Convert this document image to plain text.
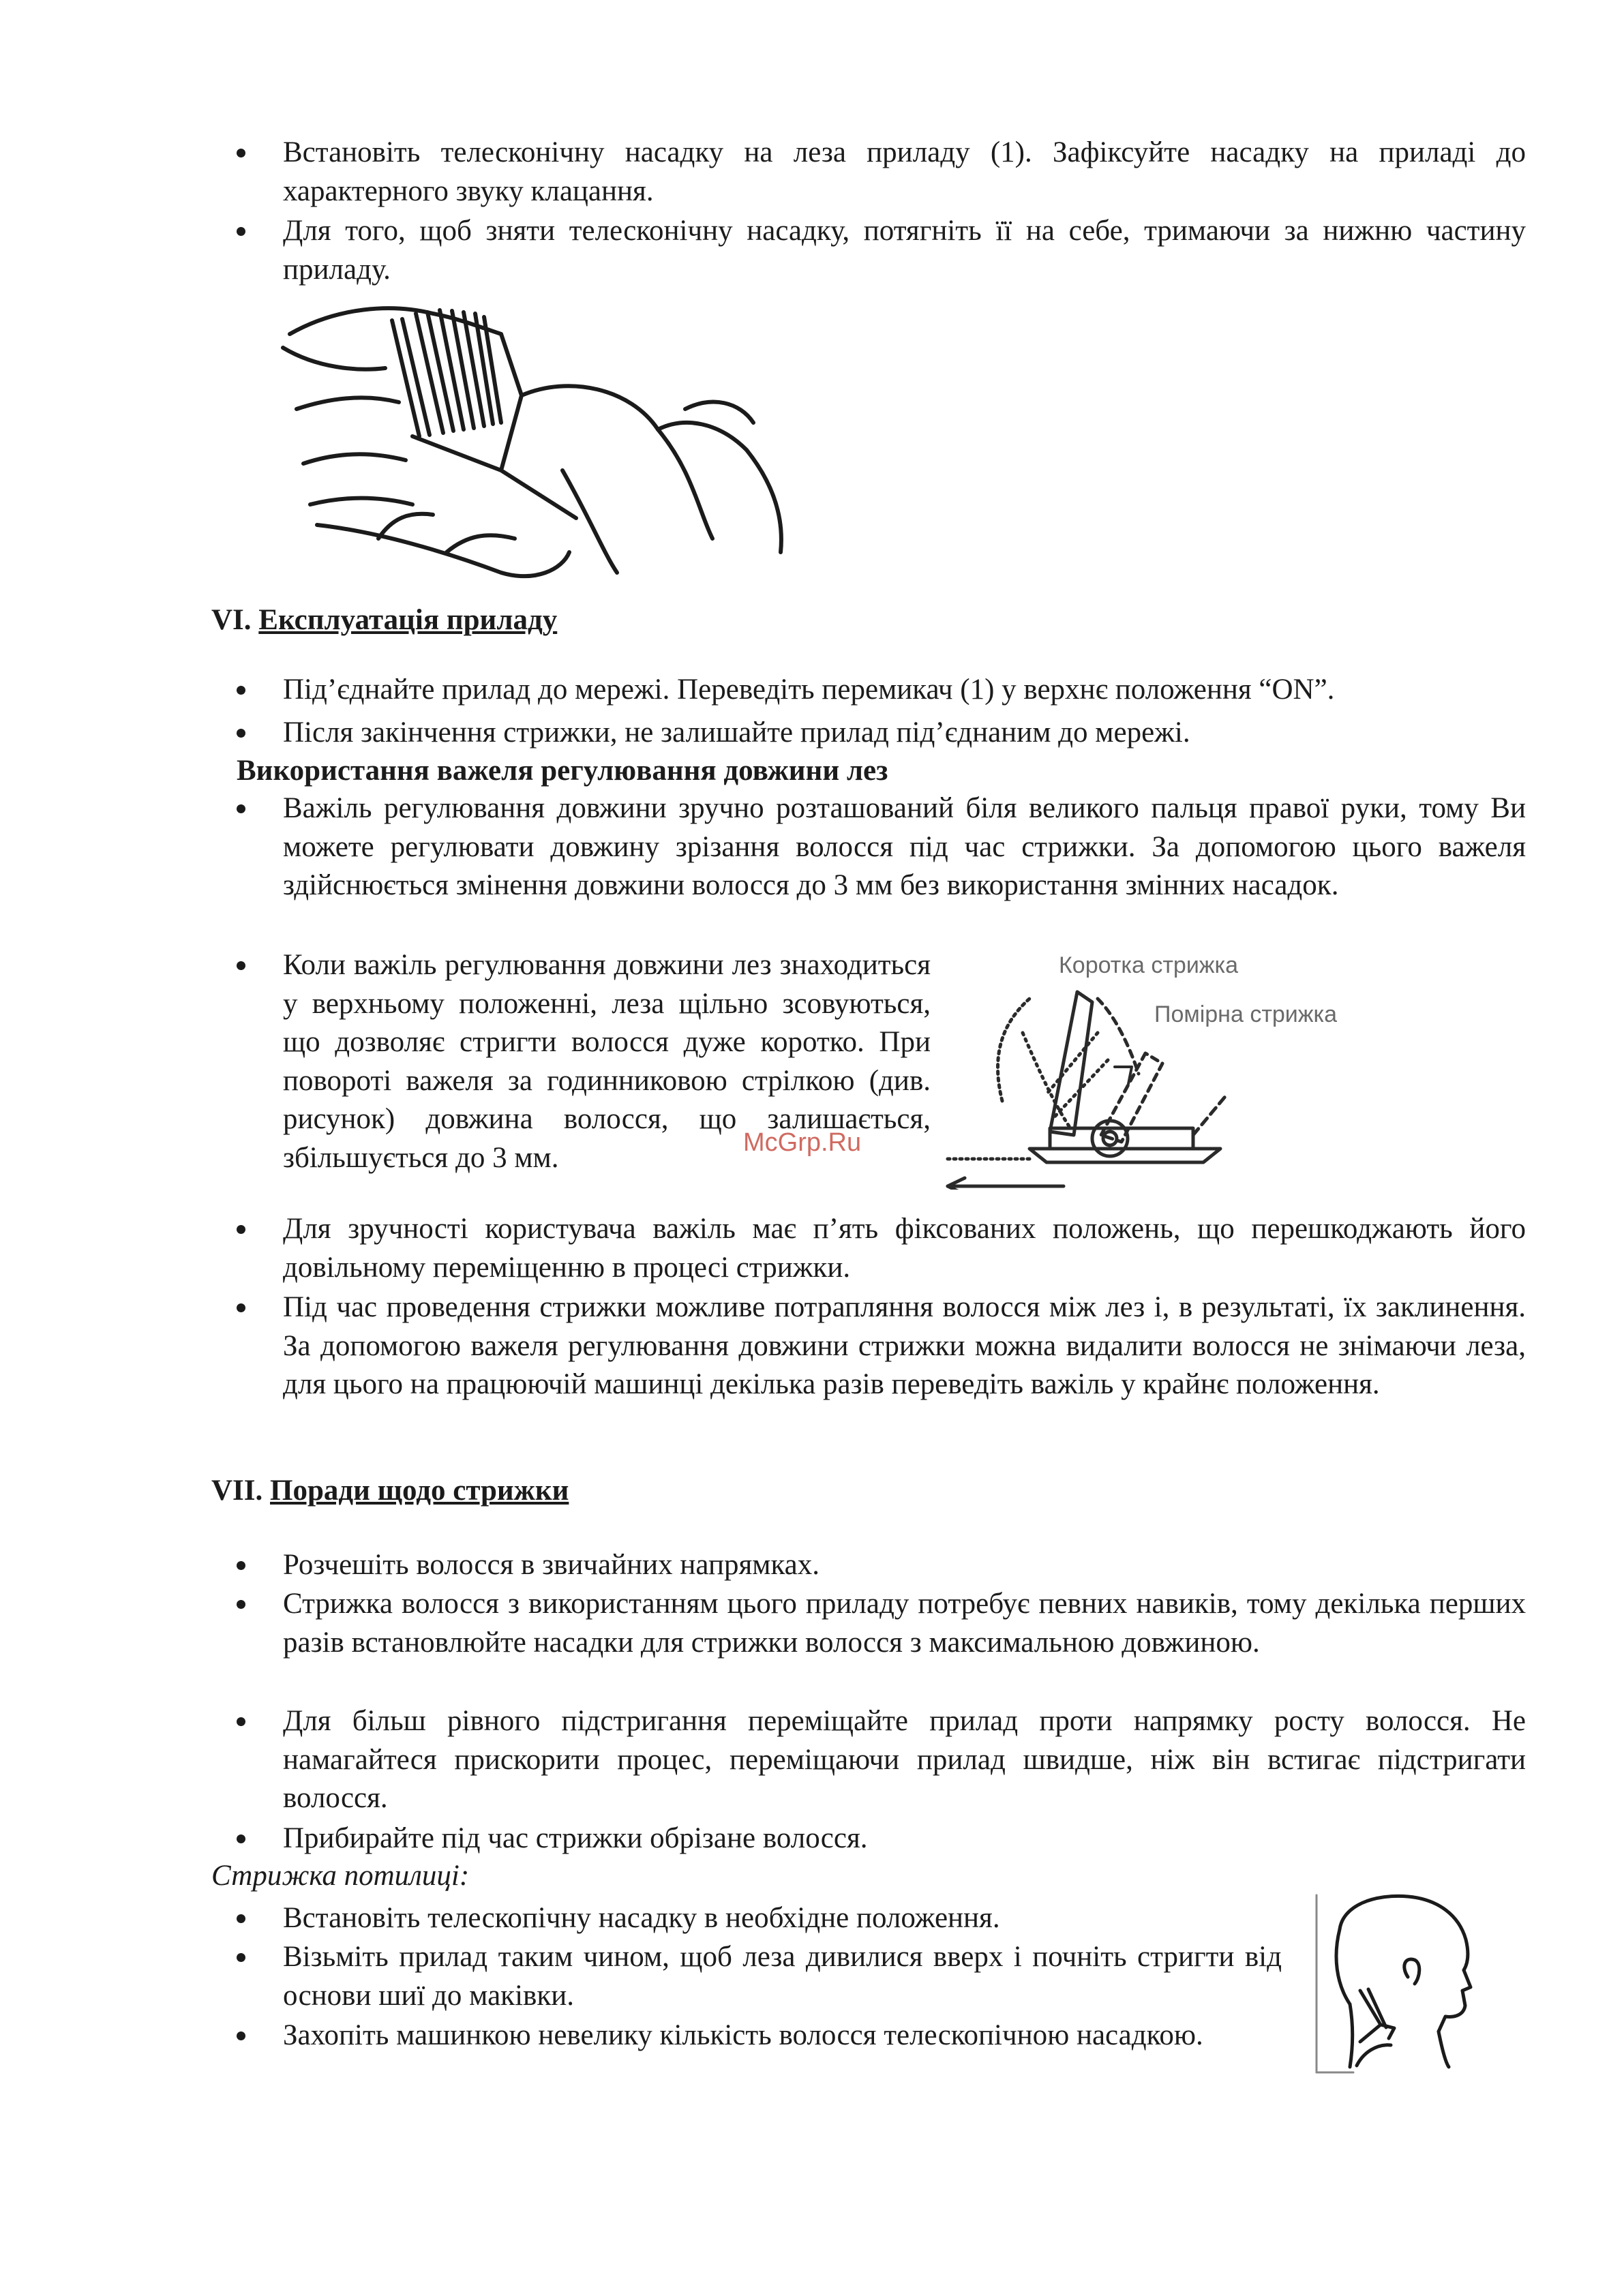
Встановіть телесконічну насадку на леза приладу (1). Зафіксуйте насадку на приладі до характерного звуку клацання.
Для того, щоб зняти телесконічну насадку, потягніть її на себе, тримаючи за нижню частину приладу.
VI. Експлуатація приладу
Під’єднайте прилад до мережі. Переведіть перемикач (1) у верхнє положення “ON”.
Після закінчення стрижки, не залишайте прилад під’єднаним до мережі.
Використання важеля регулювання довжини лез
Важіль регулювання довжини зручно розташований біля великого пальця правої руки, тому Ви можете регулювати довжину зрізання волосся під час стрижки. За допомогою цього важеля здійснюється змінення довжини волосся до 3 мм без використання змінних насадок.
Коли важіль регулювання довжини лез знаходиться у верхньому положенні, леза щільно зсовуються, що дозволяє стригти волосся дуже коротко. При повороті важеля за годинниковою стрілкою (див. рисунок) довжина волосся, що залишається, збільшується до 3 мм.
Коротка стрижка
Помірна стрижка
McGrp.Ru
Для зручності користувача важіль має п’ять фіксованих положень, що перешкоджають його довільному переміщенню в процесі стрижки.
Під час проведення стрижки можливе потрапляння волосся між лез і, в результаті, їх заклинення. За допомогою важеля регулювання довжини стрижки можна видалити волосся не знімаючи леза, для цього на працюючій машинці декілька разів переведіть важіль у крайнє положення.
VII. Поради щодо стрижки
Розчешіть волосся в звичайних напрямках.
Стрижка волосся з використанням цього приладу потребує певних навиків, тому декілька перших разів встановлюйте насадки для стрижки волосся з максимальною довжиною.
Для більш рівного підстригання переміщайте прилад проти напрямку росту волосся. Не намагайтеся прискорити процес, переміщаючи прилад швидше, ніж він встигає підстригати волосся.
Прибирайте під час стрижки обрізане волосся.
Стрижка потилиці:
Встановіть телескопічну насадку в необхідне положення.
Візьміть прилад таким чином, щоб леза дивилися вверх і почніть стригти від основи шиї до маківки.
Захопіть машинкою невелику кількість волосся телескопічною насадкою.
